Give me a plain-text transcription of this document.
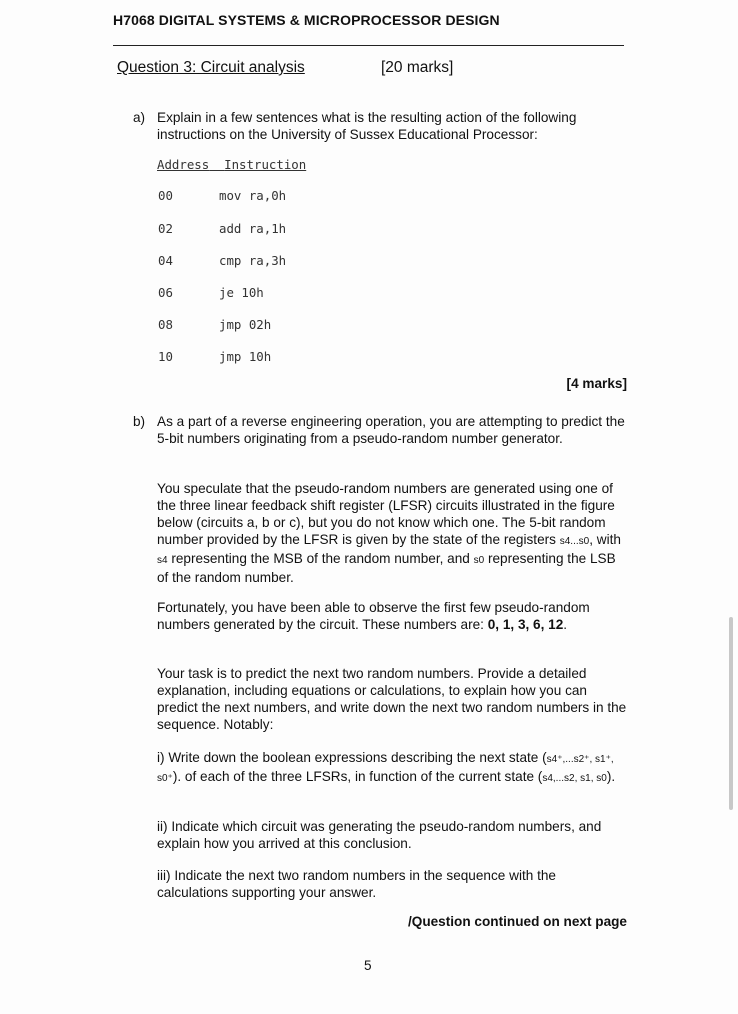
H7068 DIGITAL SYSTEMS & MICROPROCESSOR DESIGN
Question 3: Circuit analysis	[20 marks]
a) Explain in a few sentences what is the resulting action of the following instructions on the University of Sussex Educational Processor:
Address Instruction
00	mov ra,0h
02	add ra,1h
04	cmp ra,3h
06	je 10h
08	jmp 02h
10	jmp 10h
[4 marks]
b) As a part of a reverse engineering operation, you are attempting to predict the 5-bit numbers originating from a pseudo-random number generator.
You speculate that the pseudo-random numbers are generated using one of the three linear feedback shift register (LFSR) circuits illustrated in the figure below (circuits a, b or c), but you do not know which one. The 5-bit random number provided by the LFSR is given by the state of the registers s4...s0, with s4 representing the MSB of the random number, and s0 representing the LSB of the random number.
Fortunately, you have been able to observe the first few pseudo-random numbers generated by the circuit. These numbers are: 0, 1, 3, 6, 12.
Your task is to predict the next two random numbers. Provide a detailed explanation, including equations or calculations, to explain how you can predict the next numbers, and write down the next two random numbers in the sequence. Notably:
i) Write down the boolean expressions describing the next state (s4⁺,...s2⁺, s1⁺, s0⁺). of each of the three LFSRs, in function of the current state (s4,...s2, s1, s0).
ii) Indicate which circuit was generating the pseudo-random numbers, and explain how you arrived at this conclusion.
iii) Indicate the next two random numbers in the sequence with the calculations supporting your answer.
/Question continued on next page
5
